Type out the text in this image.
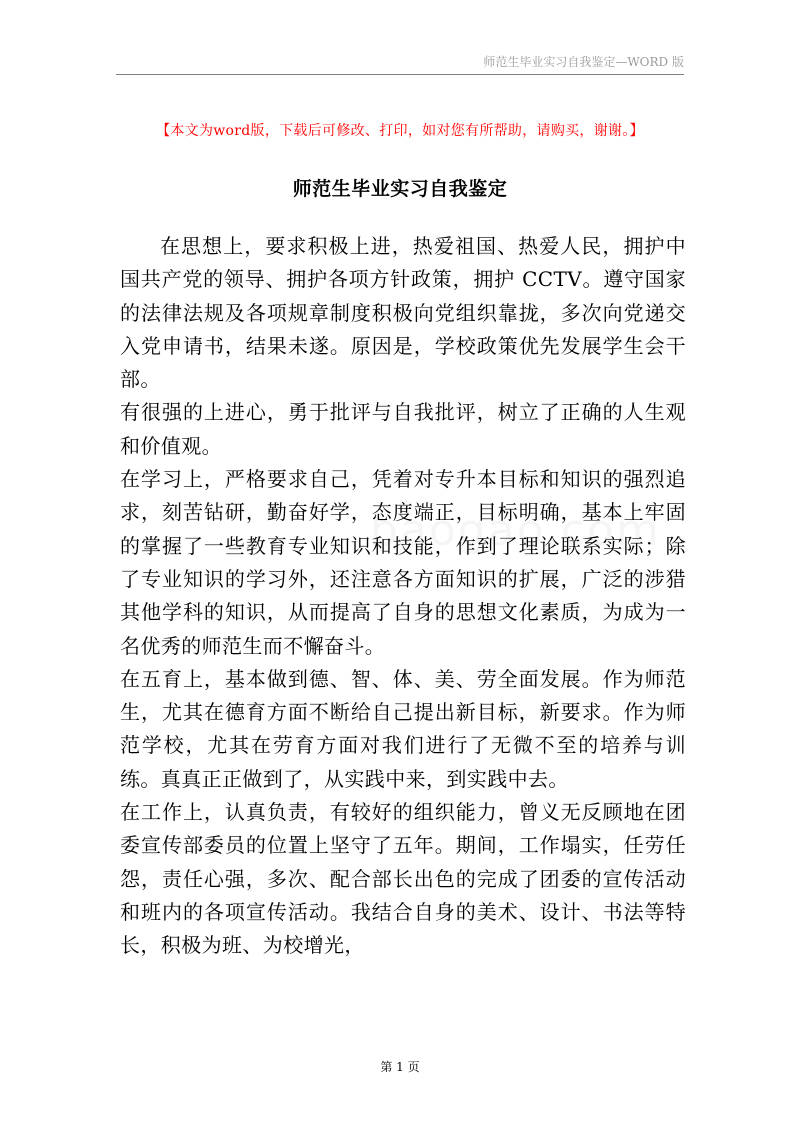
师范生毕业实习自我鉴定—WORD 版
【本文为word版，下载后可修改、打印，如对您有所帮助，请购买，谢谢。】
师范生毕业实习自我鉴定

在思想上，要求积极上进，热爱祖国、热爱人民，拥护中国共产党的领导、拥护各项方针政策，拥护 CCTV。遵守国家的法律法规及各项规章制度积极向党组织靠拢，多次向党递交入党申请书，结果未遂。原因是，学校政策优先发展学生会干部。

有很强的上进心，勇于批评与自我批评，树立了正确的人生观和价值观。

在学习上，严格要求自己，凭着对专升本目标和知识的强烈追求，刻苦钻研，勤奋好学，态度端正，目标明确，基本上牢固的掌握了一些教育专业知识和技能，作到了理论联系实际；除了专业知识的学习外，还注意各方面知识的扩展，广泛的涉猎其他学科的知识，从而提高了自身的思想文化素质，为成为一名优秀的师范生而不懈奋斗。

在五育上，基本做到德、智、体、美、劳全面发展。作为师范生，尤其在德育方面不断给自己提出新目标，新要求。作为师范学校，尤其在劳育方面对我们进行了无微不至的培养与训练。真真正正做到了，从实践中来，到实践中去。

在工作上，认真负责，有较好的组织能力，曾义无反顾地在团委宣传部委员的位置上坚守了五年。期间，工作塌实，任劳任怨，责任心强，多次、配合部长出色的完成了团委的宣传活动和班内的各项宣传活动。我结合自身的美术、设计、书法等特长，积极为班、为校增光，

第 1 页
